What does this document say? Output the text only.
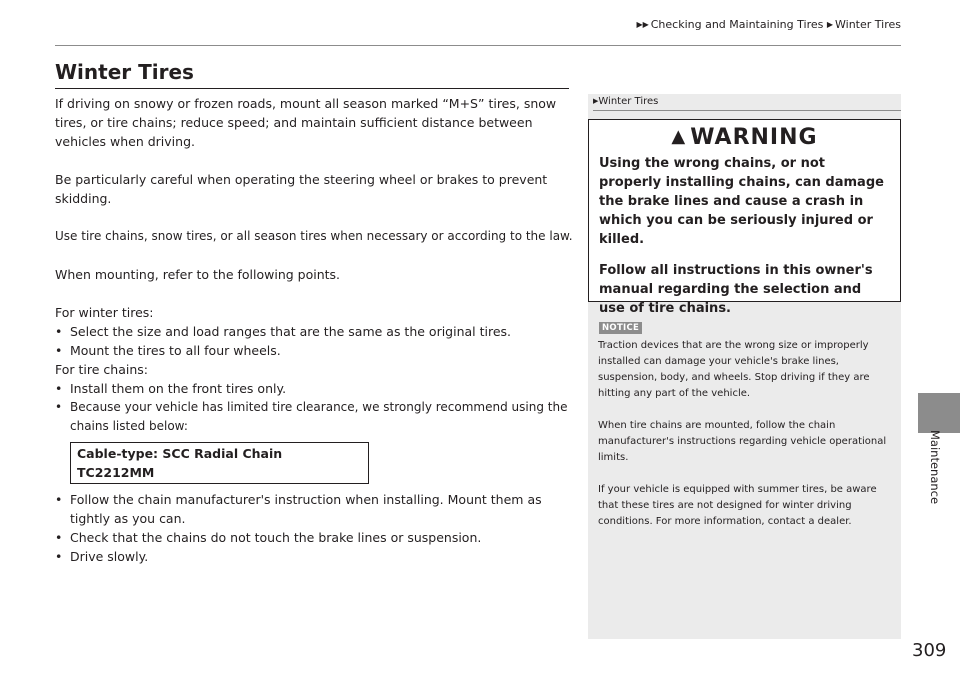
▶▶ Checking and Maintaining Tires ▶ Winter Tires
Winter Tires

If driving on snowy or frozen roads, mount all season marked “M+S” tires, snow tires, or tire chains; reduce speed; and maintain sufficient distance between vehicles when driving.

Be particularly careful when operating the steering wheel or brakes to prevent skidding.

Use tire chains, snow tires, or all season tires when necessary or according to the law.

When mounting, refer to the following points.

For winter tires:

• Select the size and load ranges that are the same as the original tires.
• Mount the tires to all four wheels.

For tire chains:

• Install them on the front tires only.
• Because your vehicle has limited tire clearance, we strongly recommend using the chains listed below:
Cable-type: SCC Radial Chain TC2212MM
• Follow the chain manufacturer's instruction when installing. Mount them as tightly as you can.
• Check that the chains do not touch the brake lines or suspension.
• Drive slowly.
▶Winter Tires
▲ WARNING

Using the wrong chains, or not properly installing chains, can damage the brake lines and cause a crash in which you can be seriously injured or killed.

Follow all instructions in this owner's manual regarding the selection and use of tire chains.

NOTICE

Traction devices that are the wrong size or improperly installed can damage your vehicle's brake lines, suspension, body, and wheels. Stop driving if they are hitting any part of the vehicle.

When tire chains are mounted, follow the chain manufacturer's instructions regarding vehicle operational limits.

If your vehicle is equipped with summer tires, be aware that these tires are not designed for winter driving conditions. For more information, contact a dealer.

Maintenance
309
